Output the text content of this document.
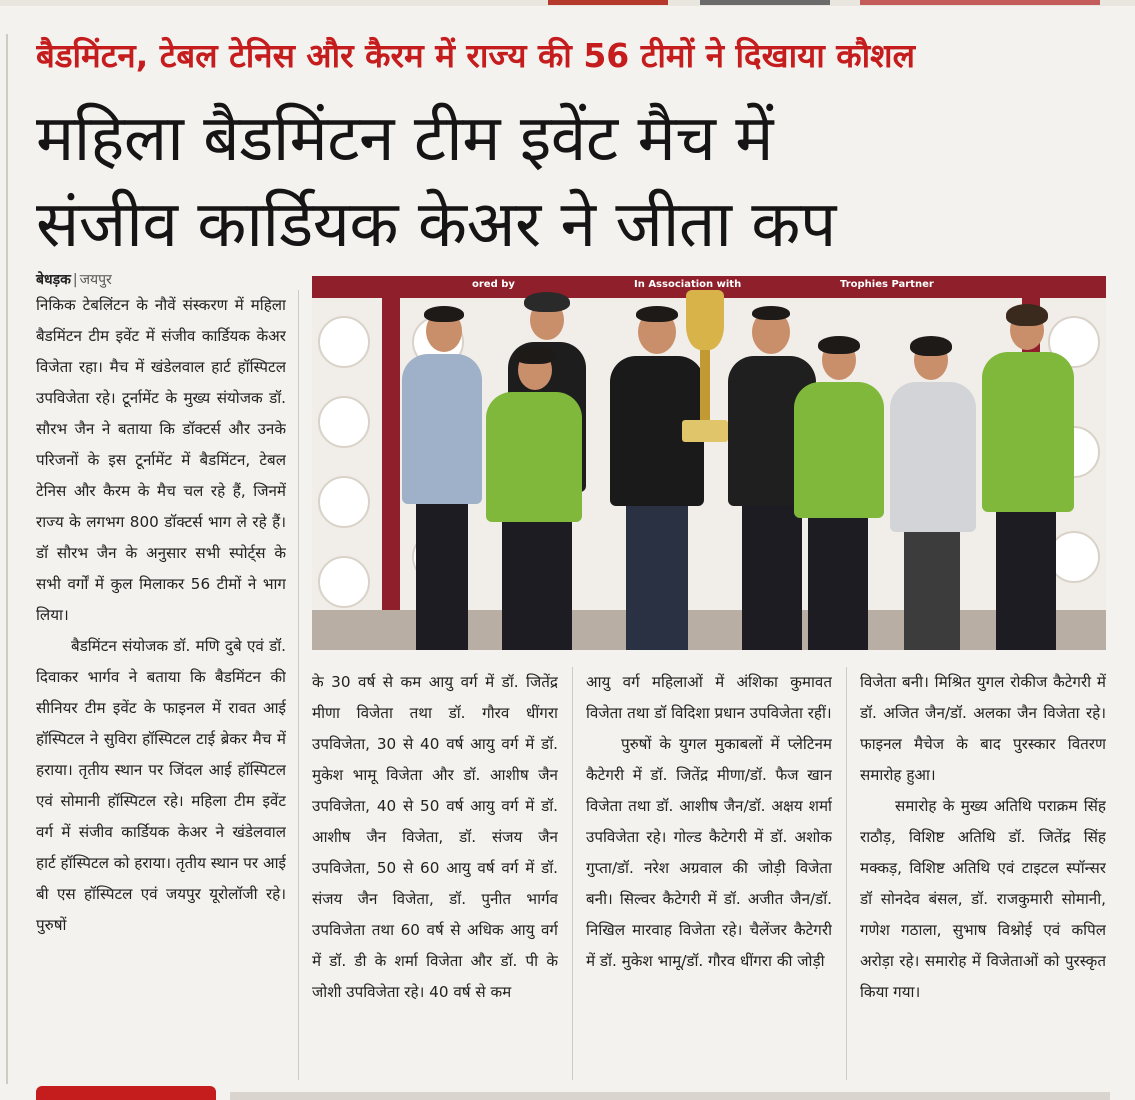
बैडमिंटन, टेबल टेनिस और कैरम में राज्य की 56 टीमों ने दिखाया कौशल
महिला बैडमिंटन टीम इवेंट मैच में
संजीव कार्डियक केअर ने जीता कप
बेधड़क | जयपुर

निकिक टेबलिंटन के नौवें संस्करण में महिला बैडमिंटन टीम इवेंट में संजीव कार्डियक केअर विजेता रहा। मैच में खंडेलवाल हार्ट हॉस्पिटल उपविजेता रहे। टूर्नामेंट के मुख्य संयोजक डॉ. सौरभ जैन ने बताया कि डॉक्टर्स और उनके परिजनों के इस टूर्नामेंट में बैडमिंटन, टेबल टेनिस और कैरम के मैच चल रहे हैं, जिनमें राज्य के लगभग 800 डॉक्टर्स भाग ले रहे हैं। डॉ सौरभ जैन के अनुसार सभी स्पोर्ट्स के सभी वर्गों में कुल मिलाकर 56 टीमों ने भाग लिया।

बैडमिंटन संयोजक डॉ. मणि दुबे एवं डॉ. दिवाकर भार्गव ने बताया कि बैडमिंटन की सीनियर टीम इवेंट के फाइनल में रावत आई हॉस्पिटल ने सुविरा हॉस्पिटल टाई ब्रेकर मैच में हराया। तृतीय स्थान पर जिंदल आई हॉस्पिटल एवं सोमानी हॉस्पिटल रहे। महिला टीम इवेंट वर्ग में संजीव कार्डियक केअर ने खंडेलवाल हार्ट हॉस्पिटल को हराया। तृतीय स्थान पर आई बी एस हॉस्पिटल एवं जयपुर यूरोलॉजी रहे। पुरुषों

ored by	In Association with	Trophies Partner

के 30 वर्ष से कम आयु वर्ग में डॉ. जितेंद्र मीणा विजेता तथा डॉ. गौरव धींगरा उपविजेता, 30 से 40 वर्ष आयु वर्ग में डॉ. मुकेश भामू विजेता और डॉ. आशीष जैन उपविजेता, 40 से 50 वर्ष आयु वर्ग में डॉ. आशीष जैन विजेता, डॉ. संजय जैन उपविजेता, 50 से 60 आयु वर्ष वर्ग में डॉ. संजय जैन विजेता, डॉ. पुनीत भार्गव उपविजेता तथा 60 वर्ष से अधिक आयु वर्ग में डॉ. डी के शर्मा विजेता और डॉ. पी के जोशी उपविजेता रहे। 40 वर्ष से कम

आयु वर्ग महिलाओं में अंशिका कुमावत विजेता तथा डॉ विदिशा प्रधान उपविजेता रहीं।

पुरुषों के युगल मुकाबलों में प्लेटिनम कैटेगरी में डॉ. जितेंद्र मीणा/डॉ. फैज खान विजेता तथा डॉ. आशीष जैन/डॉ. अक्षय शर्मा उपविजेता रहे। गोल्ड कैटेगरी में डॉ. अशोक गुप्ता/डॉ. नरेश अग्रवाल की जोड़ी विजेता बनी। सिल्वर कैटेगरी में डॉ. अजीत जैन/डॉ. निखिल मारवाह विजेता रहे। चैलेंजर कैटेगरी में डॉ. मुकेश भामू/डॉ. गौरव धींगरा की जोड़ी

विजेता बनी। मिश्रित युगल रोकीज कैटेगरी में डॉ. अजित जैन/डॉ. अलका जैन विजेता रहे। फाइनल मैचेज के बाद पुरस्कार वितरण समारोह हुआ।

समारोह के मुख्य अतिथि पराक्रम सिंह राठौड़, विशिष्ट अतिथि डॉ. जितेंद्र सिंह मक्कड़, विशिष्ट अतिथि एवं टाइटल स्पॉन्सर डॉ सोनदेव बंसल, डॉ. राजकुमारी सोमानी, गणेश गठाला, सुभाष विश्नोई एवं कपिल अरोड़ा रहे। समारोह में विजेताओं को पुरस्कृत किया गया।
